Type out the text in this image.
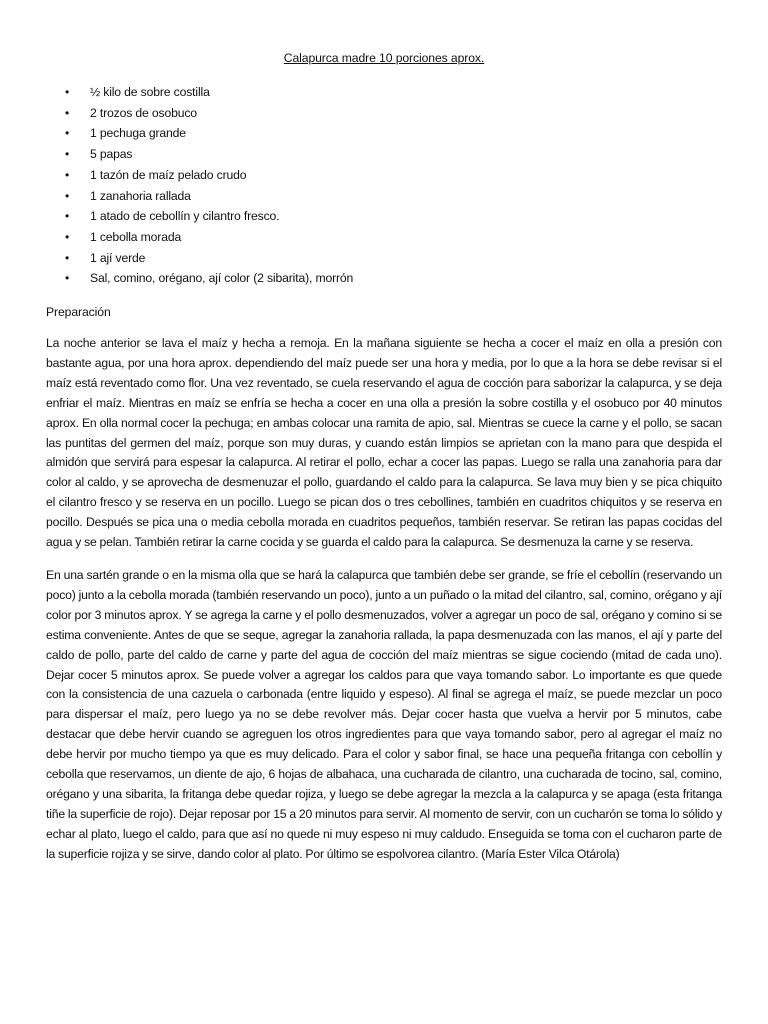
Calapurca madre 10 porciones aprox.
• ½ kilo de sobre costilla
• 2 trozos de osobuco
• 1 pechuga grande
• 5 papas
• 1 tazón de maíz pelado crudo
• 1 zanahoria rallada
• 1 atado de cebollín y cilantro fresco.
• 1 cebolla morada
• 1 ají verde
• Sal, comino, orégano, ají color (2 sibarita), morrón
Preparación

La noche anterior se lava el maíz y hecha a remoja. En la mañana siguiente se hecha a cocer el maíz en olla a presión con bastante agua, por una hora aprox. dependiendo del maíz puede ser una hora y media, por lo que a la hora se debe revisar si el maíz está reventado como flor. Una vez reventado, se cuela reservando el agua de cocción para saborizar la calapurca, y se deja enfriar el maíz. Mientras en maíz se enfría se hecha a cocer en una olla a presión la sobre costilla y el osobuco por 40 minutos aprox. En olla normal cocer la pechuga; en ambas colocar una ramita de apio, sal. Mientras se cuece la carne y el pollo, se sacan las puntitas del germen del maíz, porque son muy duras, y cuando están limpios se aprietan con la mano para que despida el almidón que servirá para espesar la calapurca. Al retirar el pollo, echar a cocer las papas. Luego se ralla una zanahoria para dar color al caldo, y se aprovecha de desmenuzar el pollo, guardando el caldo para la calapurca. Se lava muy bien y se pica chiquito el cilantro fresco y se reserva en un pocillo. Luego se pican dos o tres cebollines, también en cuadritos chiquitos y se reserva en pocillo. Después se pica una o media cebolla morada en cuadritos pequeños, también reservar. Se retiran las papas cocidas del agua y se pelan. También retirar la carne cocida y se guarda el caldo para la calapurca. Se desmenuza la carne y se reserva.

En una sartén grande o en la misma olla que se hará la calapurca que también debe ser grande, se fríe el cebollín (reservando un poco) junto a la cebolla morada (también reservando un poco), junto a un puñado o la mitad del cilantro, sal, comino, orégano y ají color por 3 minutos aprox. Y se agrega la carne y el pollo desmenuzados, volver a agregar un poco de sal, orégano y comino si se estima conveniente. Antes de que se seque, agregar la zanahoria rallada, la papa desmenuzada con las manos, el ají y parte del caldo de pollo, parte del caldo de carne y parte del agua de cocción del maíz mientras se sigue cociendo (mitad de cada uno). Dejar cocer 5 minutos aprox. Se puede volver a agregar los caldos para que vaya tomando sabor. Lo importante es que quede con la consistencia de una cazuela o carbonada (entre liquido y espeso). Al final se agrega el maíz, se puede mezclar un poco para dispersar el maíz, pero luego ya no se debe revolver más. Dejar cocer hasta que vuelva a hervir por 5 minutos, cabe destacar que debe hervir cuando se agreguen los otros ingredientes para que vaya tomando sabor, pero al agregar el maíz no debe hervir por mucho tiempo ya que es muy delicado. Para el color y sabor final, se hace una pequeña fritanga con cebollín y cebolla que reservamos, un diente de ajo, 6 hojas de albahaca, una cucharada de cilantro, una cucharada de tocino, sal, comino, orégano y una sibarita, la fritanga debe quedar rojiza, y luego se debe agregar la mezcla a la calapurca y se apaga (esta fritanga tiñe la superficie de rojo). Dejar reposar por 15 a 20 minutos para servir. Al momento de servir, con un cucharón se toma lo sólido y echar al plato, luego el caldo, para que así no quede ni muy espeso ni muy caldudo. Enseguida se toma con el cucharon parte de la superficie rojiza y se sirve, dando color al plato. Por último se espolvorea cilantro. (María Ester Vilca Otárola)
